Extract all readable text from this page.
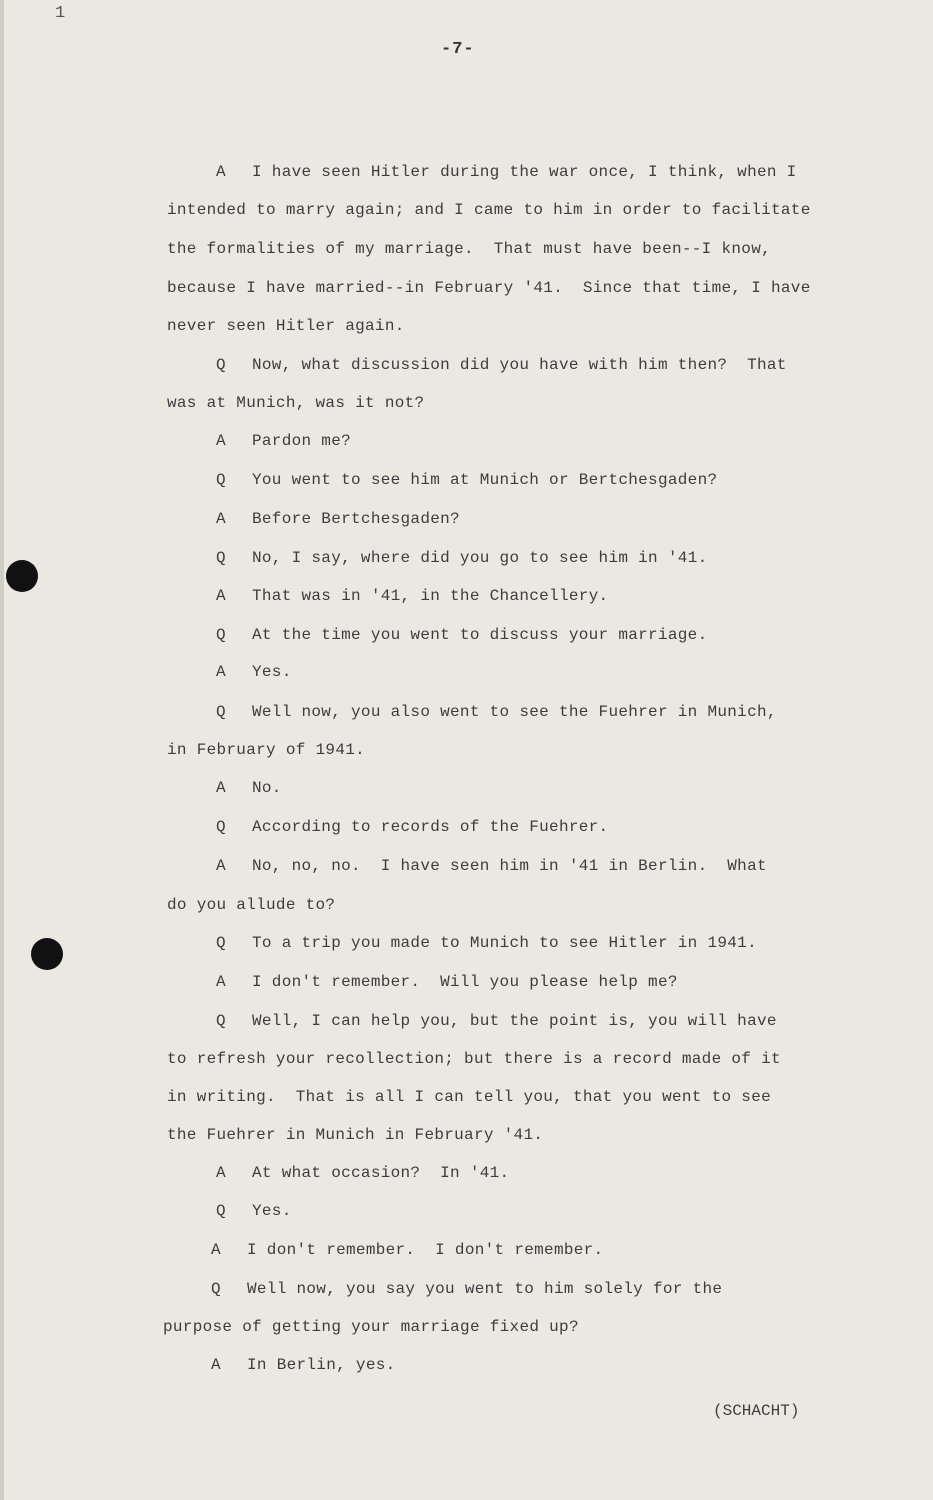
1
-7-
A I have seen Hitler during the war once, I think, when I
intended to marry again; and I came to him in order to facilitate
the formalities of my marriage.  That must have been--I know,
because I have married--in February '41.  Since that time, I have
never seen Hitler again.
Q Now, what discussion did you have with him then?  That
was at Munich, was it not?
A Pardon me?
Q You went to see him at Munich or Bertchesgaden?
A Before Bertchesgaden?
Q No, I say, where did you go to see him in '41.
A That was in '41, in the Chancellery.
Q At the time you went to discuss your marriage.
A Yes.
Q Well now, you also went to see the Fuehrer in Munich,
in February of 1941.
A No.
Q According to records of the Fuehrer.
A No, no, no.  I have seen him in '41 in Berlin.  What
do you allude to?
Q To a trip you made to Munich to see Hitler in 1941.
A I don't remember.  Will you please help me?
Q Well, I can help you, but the point is, you will have
to refresh your recollection; but there is a record made of it
in writing.  That is all I can tell you, that you went to see
the Fuehrer in Munich in February '41.
A At what occasion?  In '41.
Q Yes.
A I don't remember.  I don't remember.
Q Well now, you say you went to him solely for the
purpose of getting your marriage fixed up?
A In Berlin, yes.
(SCHACHT)
